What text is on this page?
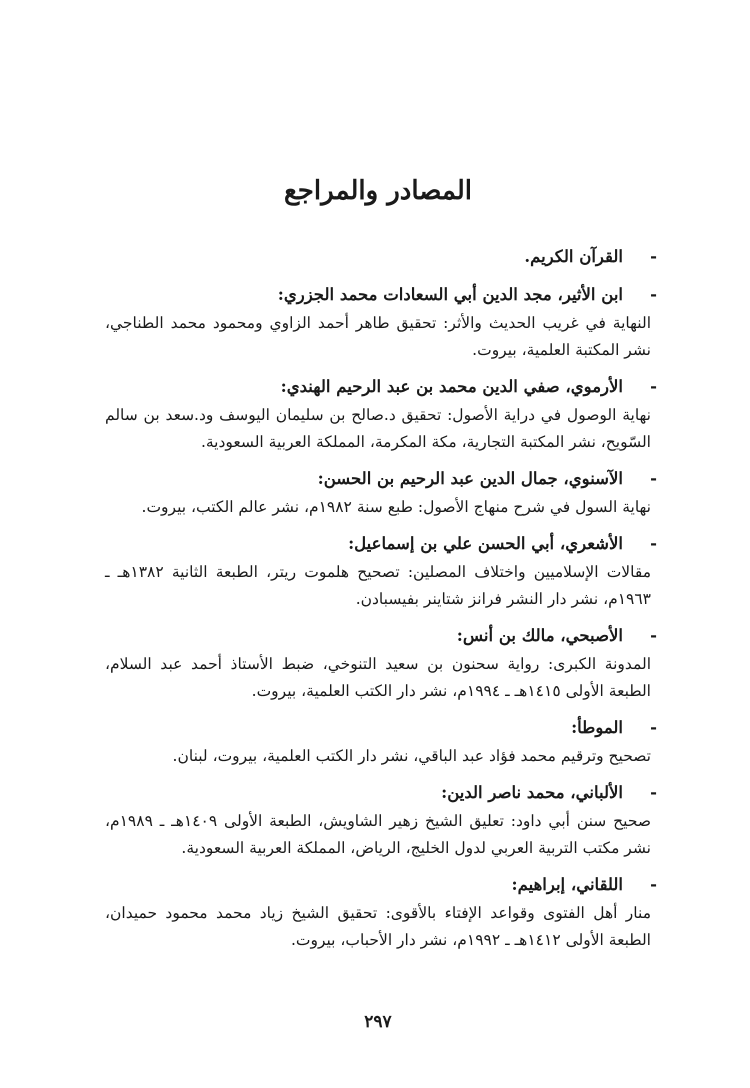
المصادر والمراجع
-
القرآن الكريم.
-
ابن الأثير، مجد الدين أبي السعادات محمد الجزري:
النهاية في غريب الحديث والأثر: تحقيق طاهر أحمد الزاوي ومحمود محمد الطناجي، نشر المكتبة العلمية، بيروت.
-
الأرموي، صفي الدين محمد بن عبد الرحيم الهندي:
نهاية الوصول في دراية الأصول: تحقيق د.صالح بن سليمان اليوسف ود.سعد بن سالم السّويح، نشر المكتبة التجارية، مكة المكرمة، المملكة العربية السعودية.
-
الآسنوي، جمال الدين عبد الرحيم بن الحسن:
نهاية السول في شرح منهاج الأصول: طبع سنة ١٩٨٢م، نشر عالم الكتب، بيروت.
-
الأشعري، أبي الحسن علي بن إسماعيل:
مقالات الإسلاميين واختلاف المصلين: تصحيح هلموت ريتر، الطبعة الثانية ١٣٨٢هـ ـ ١٩٦٣م، نشر دار النشر فرانز شتاينر بفيسبادن.
-
الأصبحي، مالك بن أنس:
المدونة الكبرى: رواية سحنون بن سعيد التنوخي، ضبط الأستاذ أحمد عبد السلام، الطبعة الأولى ١٤١٥هـ ـ ١٩٩٤م، نشر دار الكتب العلمية، بيروت.
-
الموطأ:
تصحيح وترقيم محمد فؤاد عبد الباقي، نشر دار الكتب العلمية، بيروت، لبنان.
-
الألباني، محمد ناصر الدين:
صحيح سنن أبي داود: تعليق الشيخ زهير الشاويش، الطبعة الأولى ١٤٠٩هـ ـ ١٩٨٩م، نشر مكتب التربية العربي لدول الخليج، الرياض، المملكة العربية السعودية.
-
اللقاني، إبراهيم:
منار أهل الفتوى وقواعد الإفتاء بالأقوى: تحقيق الشيخ زياد محمد محمود حميدان، الطبعة الأولى ١٤١٢هـ ـ ١٩٩٢م، نشر دار الأحباب، بيروت.
٢٩٧
